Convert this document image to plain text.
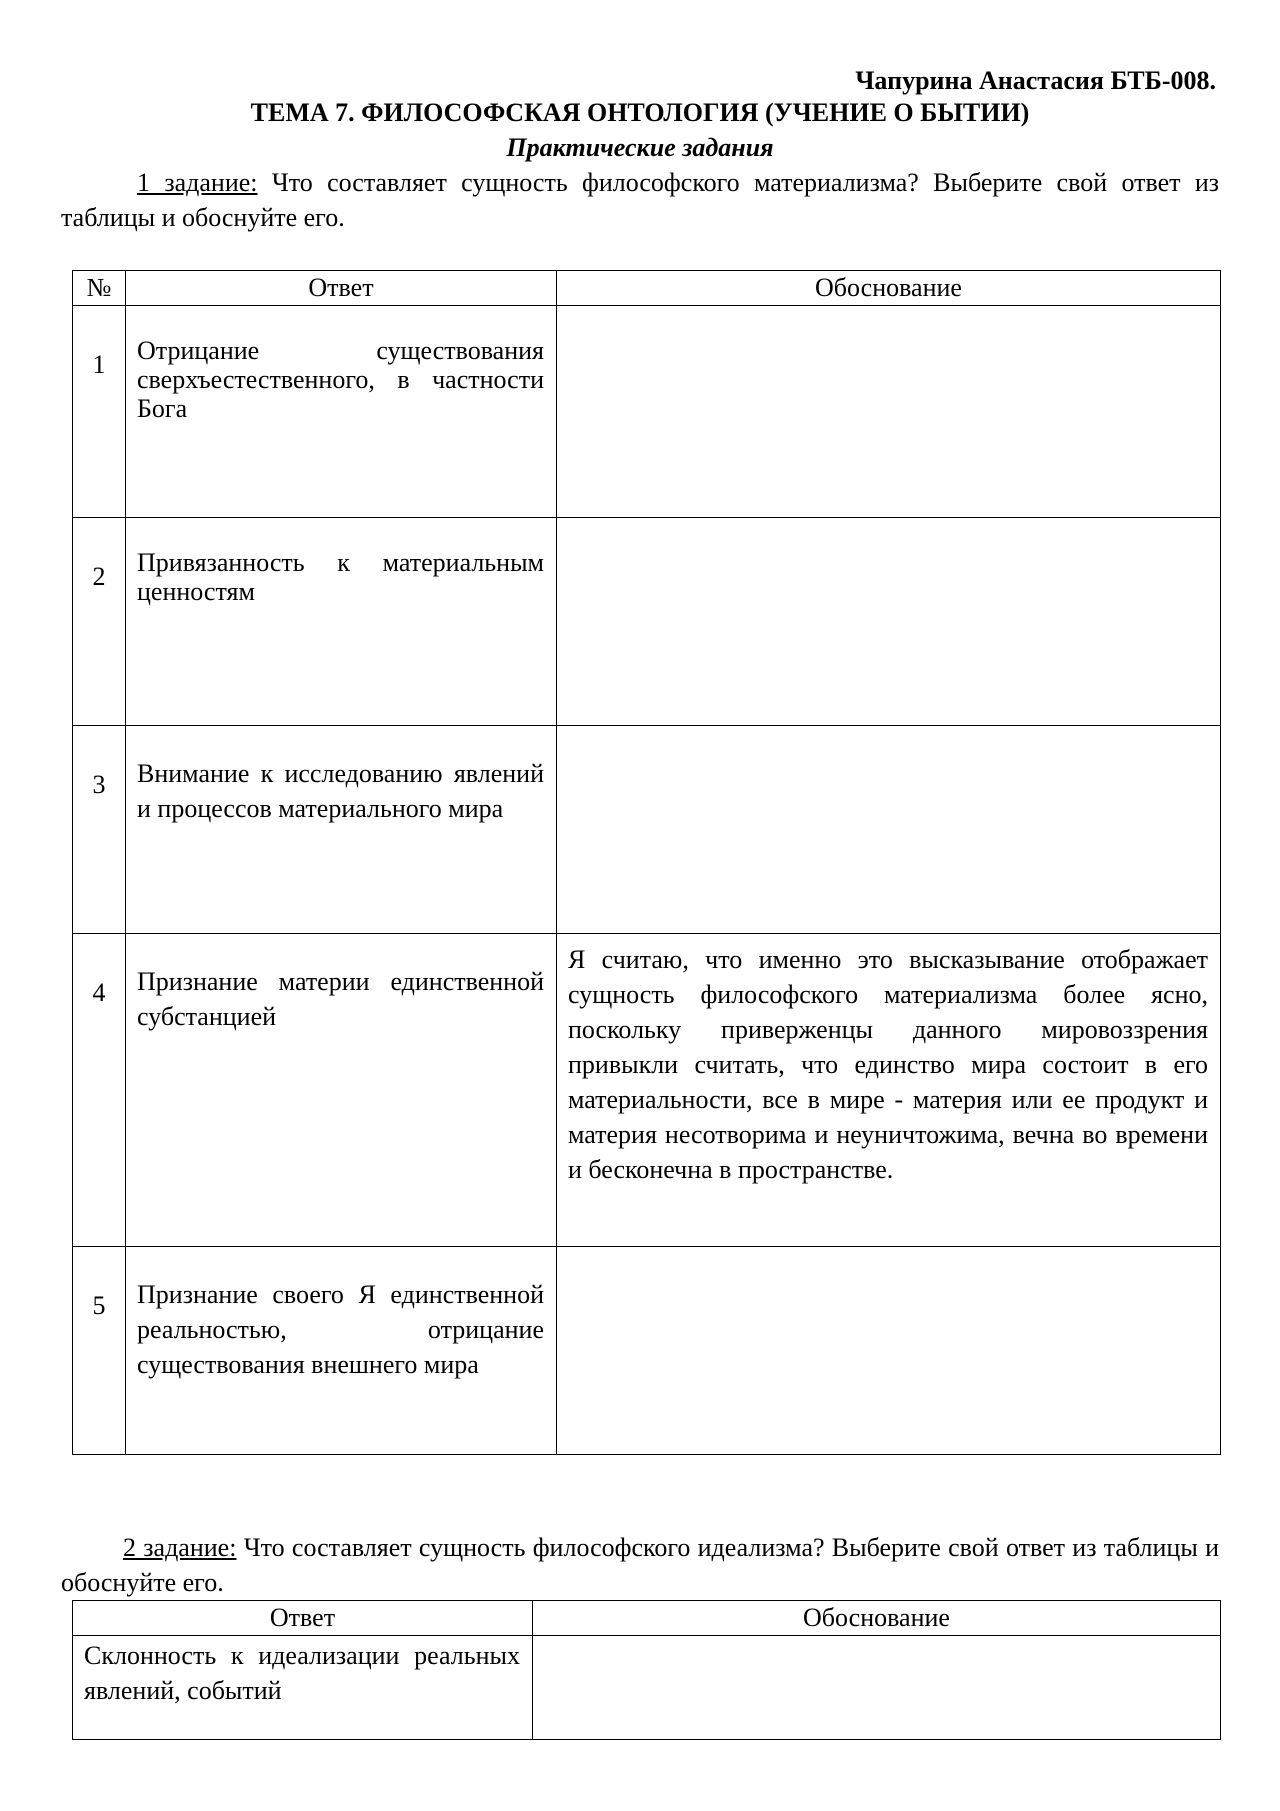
Чапурина Анастасия БТБ-008.
ТЕМА 7. ФИЛОСОФСКАЯ ОНТОЛОГИЯ (УЧЕНИЕ О БЫТИИ)
Практические задания

1 задание: Что составляет сущность философского материализма? Выберите свой ответ из таблицы и обоснуйте его.

№	Ответ	Обоснование
1	Отрицание существования сверхъестественного, в частности Бога	
2	Привязанность к материальным ценностям	
3	Внимание к исследованию явлений и процессов материального мира	
4	Признание материи единственной субстанцией	Я считаю, что именно это высказывание отображает сущность философского материализма более ясно, поскольку приверженцы данного мировоззрения привыкли считать, что единство мира состоит в его материальности, все в мире - материя или ее продукт и материя несотворима и неуничтожима, вечна во времени и бесконечна в пространстве.
5	Признание своего Я единственной реальностью, отрицание существования внешнего мира	

2 задание: Что составляет сущность философского идеализма? Выберите свой ответ из таблицы и обоснуйте его.

Ответ	Обоснование
Склонность к идеализации реальных явлений, событий	
